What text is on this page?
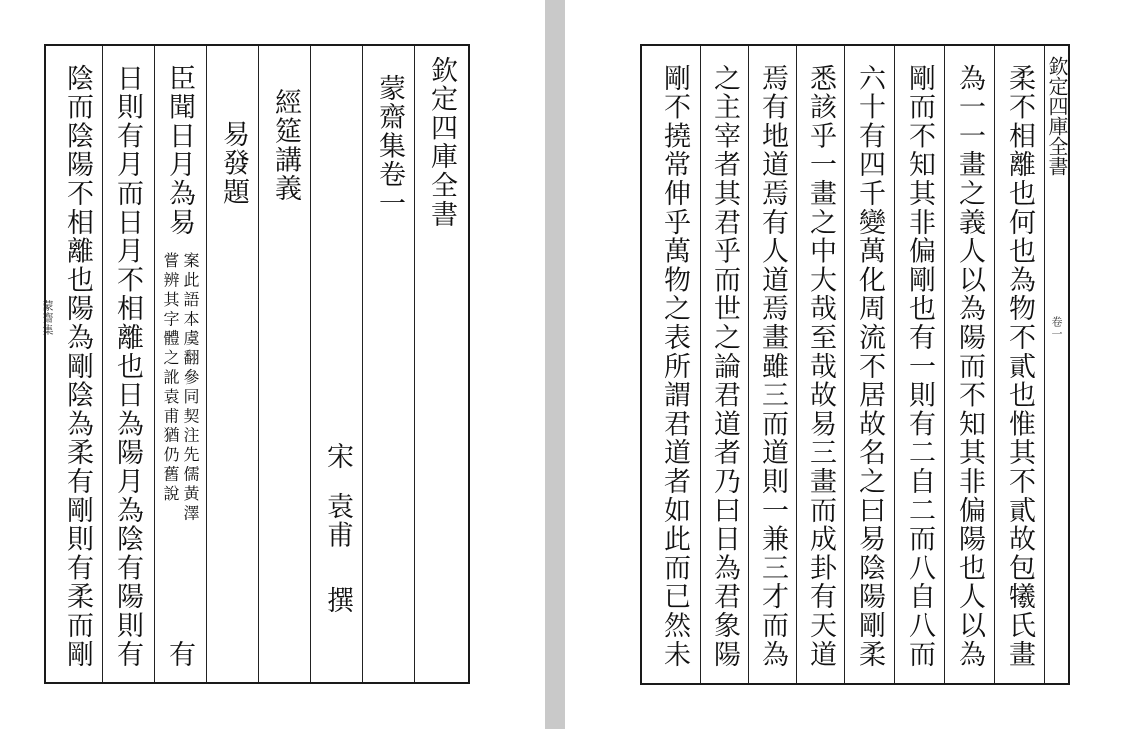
蒙齋集 陰而陰陽不相離也陽為剛陰為柔有剛則有柔而剛 日則有月而日月不相離也日為陽月為陰有陽則有 臣聞日月為易
案此語本虞翻參同契注先儒黃澤
嘗辨其字體之訛袁甫猶仍舊說
有
易發題 經筵講義
宋
袁甫
撰
蒙齋集卷一 欽定四庫全書	剛不撓常伸乎萬物之表所謂君道者如此而已然未 之主宰者其君乎而世之論君道者乃曰日為君象陽 焉有地道焉有人道焉畫雖三而道則一兼三才而為 悉該乎一畫之中大哉至哉故易三畫而成卦有天道 六十有四千變萬化周流不居故名之曰易陰陽剛柔 剛而不知其非偏剛也有一則有二自二而八自八而 為一一畫之義人以為陽而不知其非偏陽也人以為 柔不相離也何也為物不貳也惟其不貳故包犧氏畫 欽定四庫全書
卷一
